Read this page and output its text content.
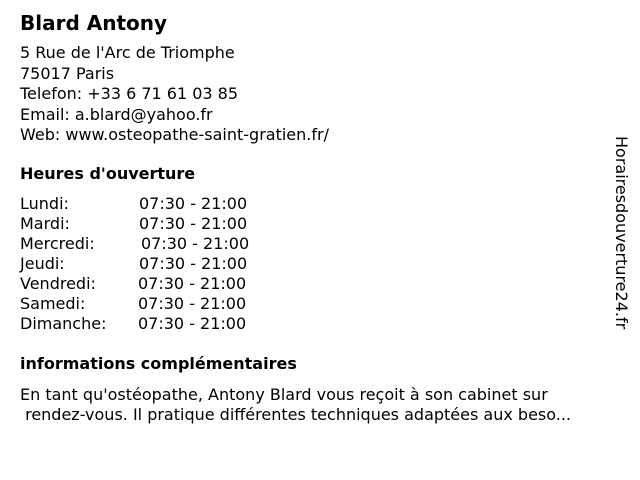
Blard Antony
5 Rue de l'Arc de Triomphe
75017 Paris
Telefon: +33 6 71 61 03 85
Email: a.blard@yahoo.fr
Web: www.osteopathe-saint-gratien.fr/
Heures d'ouverture
Lundi:	07:30 - 21:00
Mardi:	07:30 - 21:00
Mercredi:	07:30 - 21:00
Jeudi:	07:30 - 21:00
Vendredi:	07:30 - 21:00
Samedi:	07:30 - 21:00
Dimanche:	07:30 - 21:00
informations complémentaires
En tant qu'ostéopathe, Antony Blard vous reçoit à son cabinet sur
rendez-vous. Il pratique différentes techniques adaptées aux beso...
Horairesdouverture24.fr
